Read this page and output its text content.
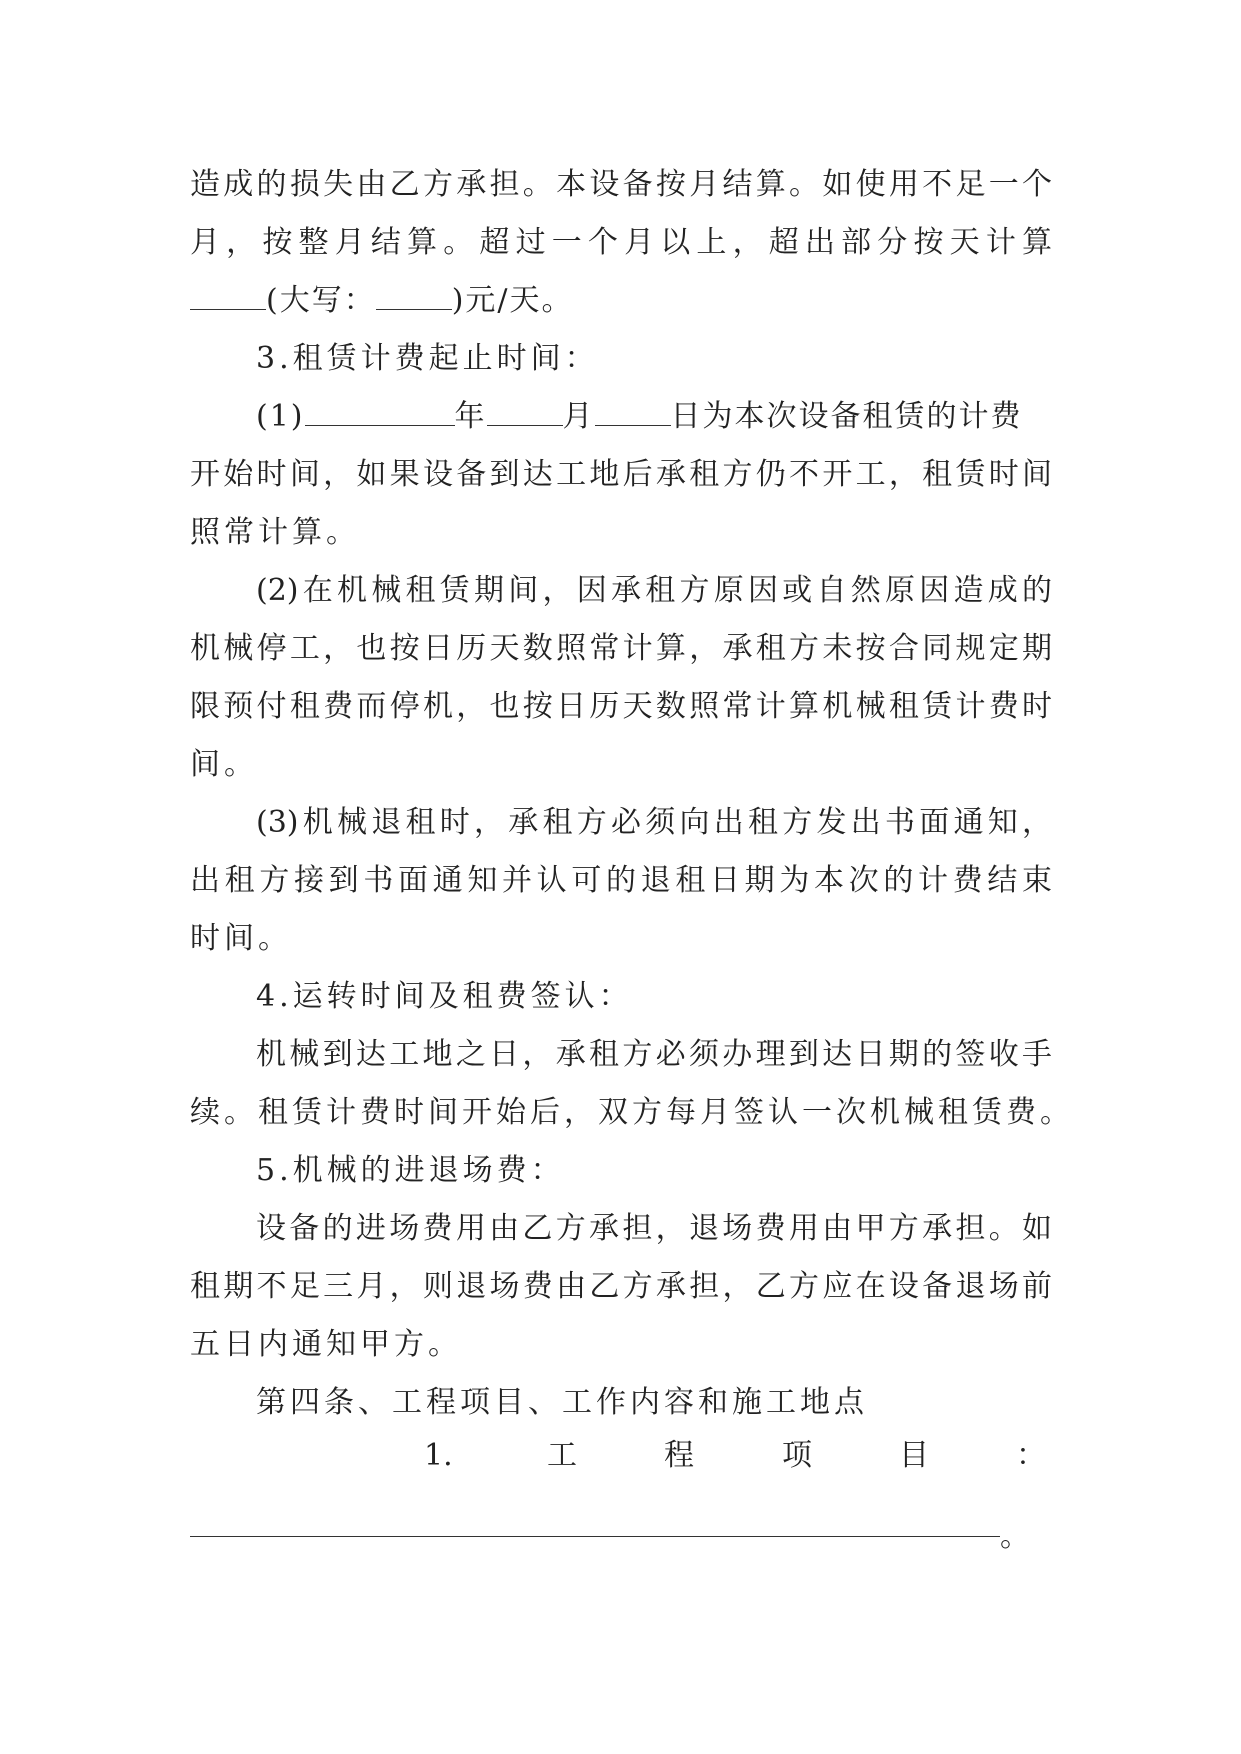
造成的损失由乙方承担。本设备按月结算。如使用不足一个
月，按整月结算。超过一个月以上，超出部分按天计算
(大写：	)元/天。
3.租赁计费起止时间：
(1)	年	月	日为本次设备租赁的计费
开始时间，如果设备到达工地后承租方仍不开工，租赁时间
照常计算。
(2)在机械租赁期间，因承租方原因或自然原因造成的
机械停工，也按日历天数照常计算，承租方未按合同规定期
限预付租费而停机，也按日历天数照常计算机械租赁计费时
间。
(3)机械退租时，承租方必须向出租方发出书面通知，
出租方接到书面通知并认可的退租日期为本次的计费结束
时间。
4.运转时间及租费签认：
机械到达工地之日，承租方必须办理到达日期的签收手
续。租赁计费时间开始后，双方每月签认一次机械租赁费。
5.机械的进退场费：
设备的进场费用由乙方承担，退场费用由甲方承担。如
租期不足三月，则退场费由乙方承担，乙方应在设备退场前
五日内通知甲方。
第四条、工程项目、工作内容和施工地点
1.	工	程	项	目	：
。
